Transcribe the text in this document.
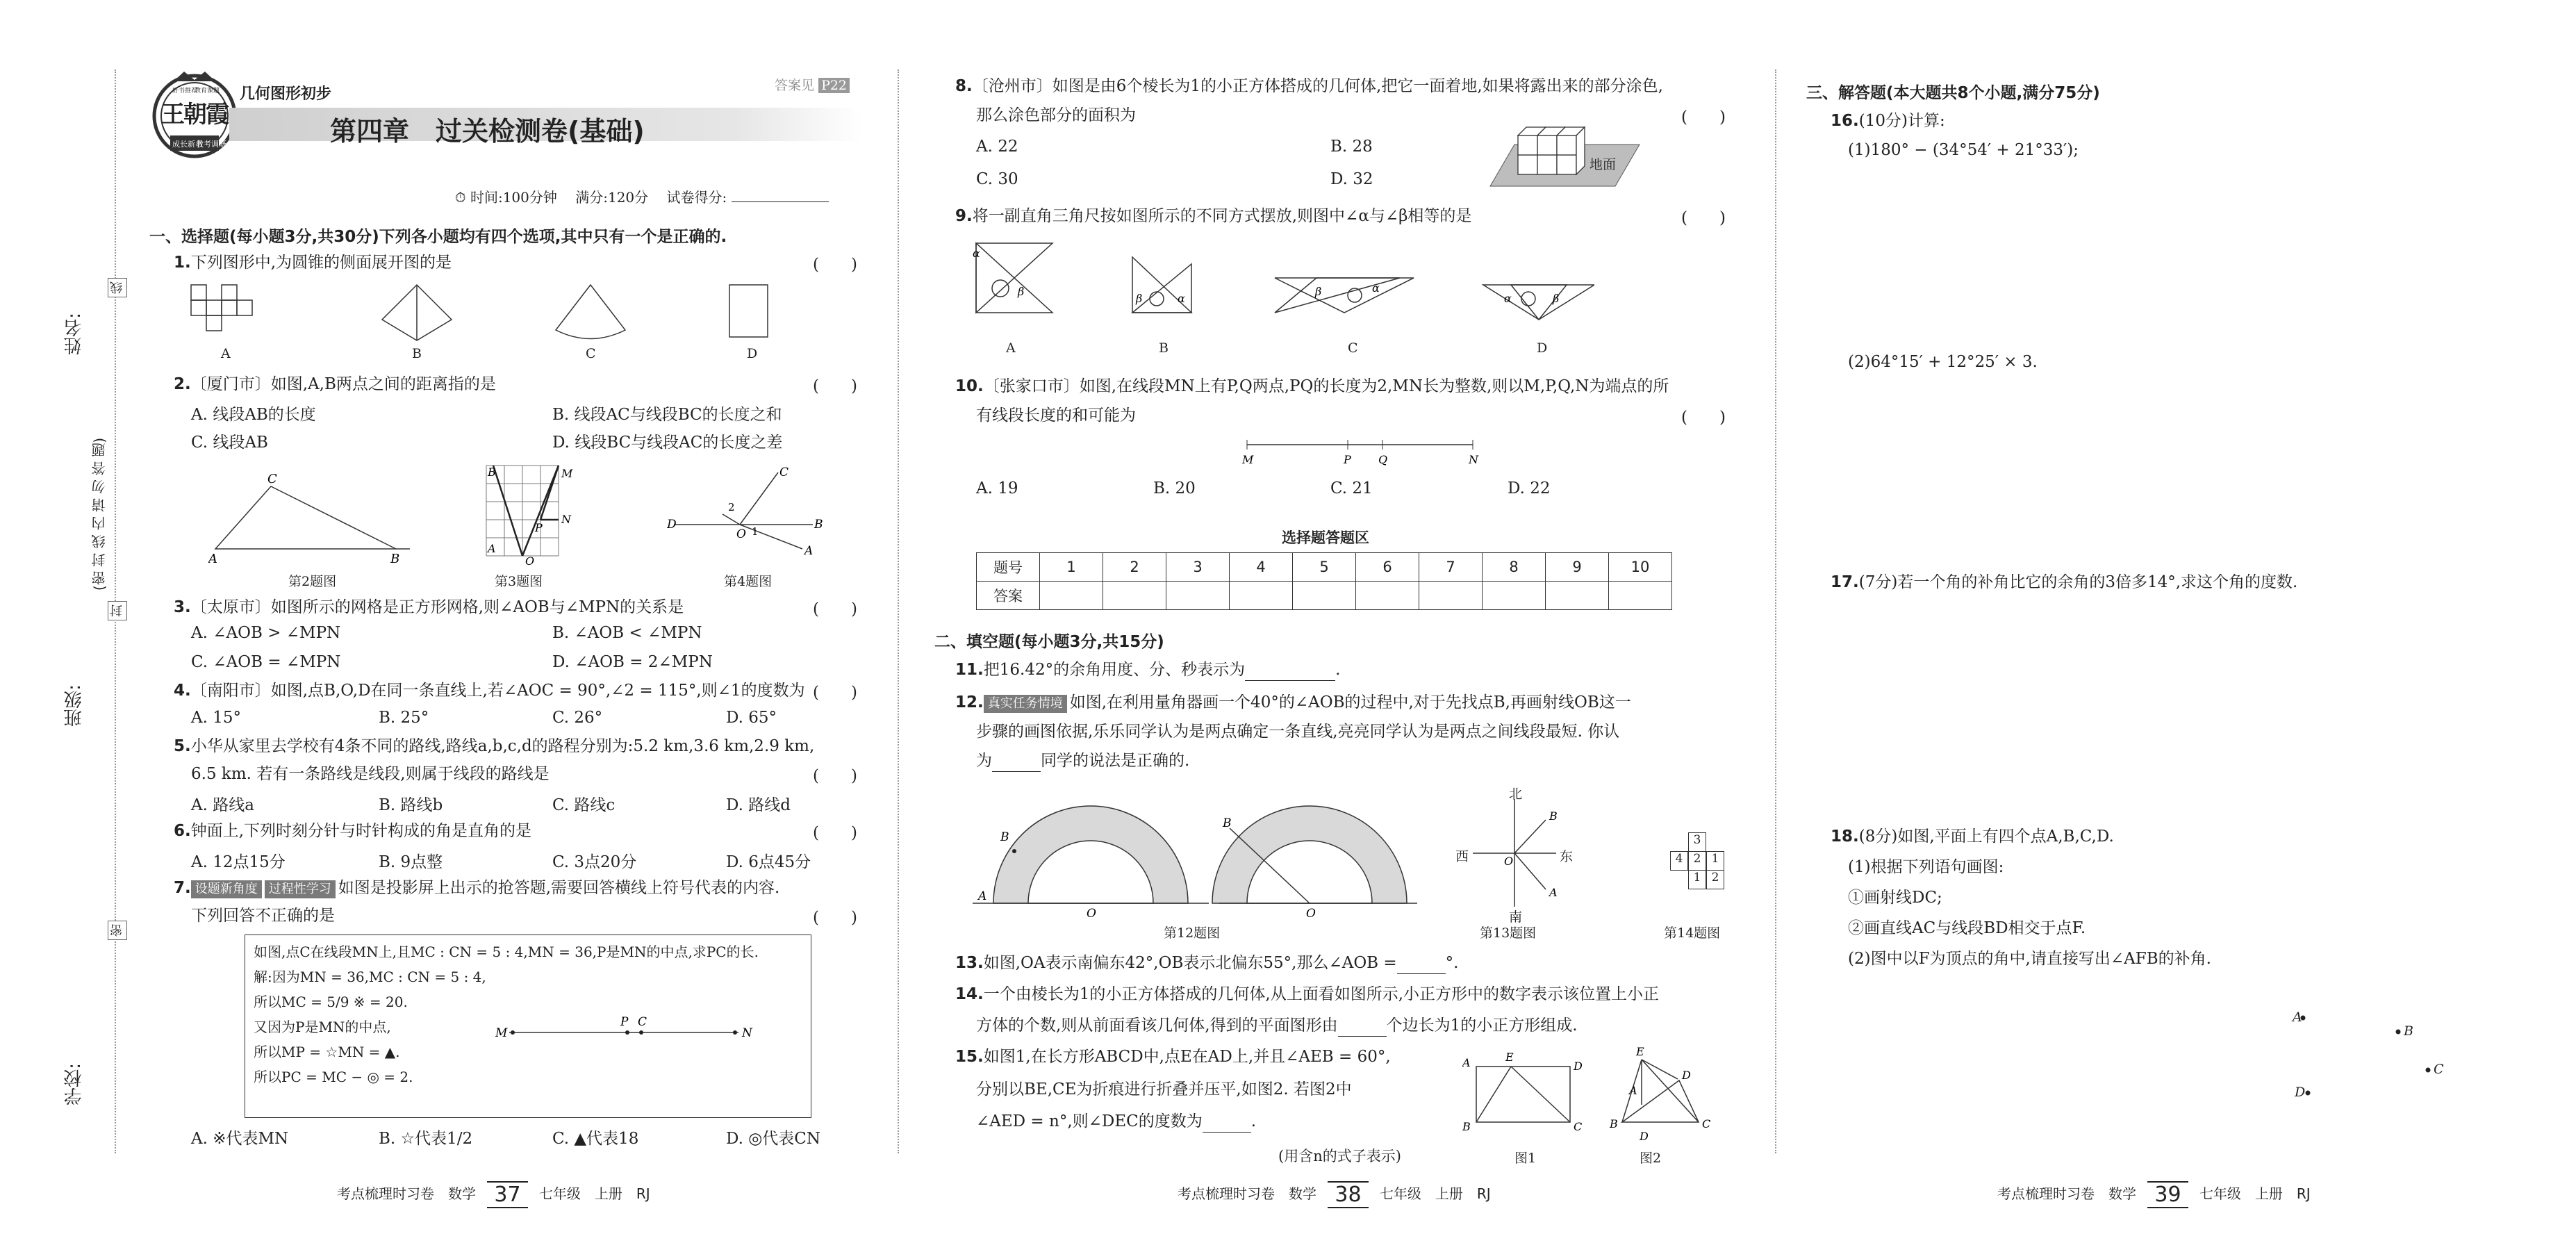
姓名:
班级:
学校:
(密 封 线 内 请 勿 答 题)
线
封
密
王朝霞
好书推荐
教育课题
成长新书
教考调研
几何图形初步	答案见 P22
第四章　过关检测卷(基础)
⏱ 时间:100分钟　 满分:120分　 试卷得分:
一、选择题(每小题3分,共30分)下列各小题均有四个选项,其中只有一个是正确的.
1.下列图形中,为圆锥的侧面展开图的是	(　　)
A	B	C	D
2.〔厦门市〕如图,A,B两点之间的距离指的是	(　　)
A. 线段AB的长度	B. 线段AC与线段BC的长度之和
C. 线段AB	D. 线段BC与线段AC的长度之差
C
A	B
B	M
N
P
A
O
D
C
B
A
O
2
1
第2题图	第3题图	第4题图
3.〔太原市〕如图所示的网格是正方形网格,则∠AOB与∠MPN的关系是	(　　)
A. ∠AOB > ∠MPN	B. ∠AOB < ∠MPN
C. ∠AOB = ∠MPN	D. ∠AOB = 2∠MPN
4.〔南阳市〕如图,点B,O,D在同一条直线上,若∠AOC = 90°,∠2 = 115°,则∠1的度数为 (　　)
A. 15°	B. 25°	C. 26°	D. 65°
5.小华从家里去学校有4条不同的路线,路线a,b,c,d的路程分别为:5.2 km,3.6 km,2.9 km,
6.5 km. 若有一条路线是线段,则属于线段的路线是	(　　)
A. 路线a	B. 路线b	C. 路线c	D. 路线d
6.钟面上,下列时刻分针与时针构成的角是直角的是	(　　)
A. 12点15分	B. 9点整	C. 3点20分	D. 6点45分
7. 设题新角度 过程性学习 如图是投影屏上出示的抢答题,需要回答横线上符号代表的内容.
下列回答不正确的是	(　　)
如图,点C在线段MN上,且MC : CN = 5 : 4,MN = 36,P是MN的中点,求PC的长.
解:因为MN = 36,MC : CN = 5 : 4,
所以MC = 5/9 ※ = 20.
又因为P是MN的中点,
所以MP = ☆MN = ▲.
所以PC = MC − ◎ = 2.
M
P C
N
A. ※代表MN	B. ☆代表1/2	C. ▲代表18	D. ◎代表CN
考点梳理时习卷　数学 37 七年级　上册　RJ
8.〔沧州市〕如图是由6个棱长为1的小正方体搭成的几何体,把它一面着地,如果将露出来的部分涂色,
那么涂色部分的面积为	(　　)
A. 22	B. 28
C. 30	D. 32
地面
9.将一副直角三角尺按如图所示的不同方式摆放,则图中∠α与∠β相等的是	(　　)
α
β
β	α
β	α
α	β
A	B	C	D
10.〔张家口市〕如图,在线段MN上有P,Q两点,PQ的长度为2,MN长为整数,则以M,P,Q,N为端点的所
有线段长度的和可能为	(　　)
M	P Q	N
A. 19	B. 20	C. 21	D. 22
选择题答题区
题号	1	2	3	4	5	6	7	8	9	10
答案										
二、填空题(每小题3分,共15分)
11.把16.42°的余角用度、分、秒表示为	.
12. 真实任务情境 如图,在利用量角器画一个40°的∠AOB的过程中,对于先找点B,再画射线OB这一
步骤的画图依据,乐乐同学认为是两点确定一条直线,亮亮同学认为是两点之间线段最短. 你认
为	同学的说法是正确的.
B
A
O
B
O
第12题图
B
A
O
北
南
东
西
第13题图
3
4 2 1
1 2
第14题图
13.如图,OA表示南偏东42°,OB表示北偏东55°,那么∠AOB =	°.
14.一个由棱长为1的小正方体搭成的几何体,从上面看如图所示,小正方形中的数字表示该位置上小正
方体的个数,则从前面看该几何体,得到的平面图形由	个边长为1的小正方形组成.
15.如图1,在长方形ABCD中,点E在AD上,并且∠AEB = 60°,
分别以BE,CE为折痕进行折叠并压平,如图2. 若图2中
∠AED = n°,则∠DEC的度数为	.
(用含n的式子表示)
A	E
D
B	C
E
D
A
B	C
D
图1	图2
考点梳理时习卷　数学 38 七年级　上册　RJ
三、解答题(本大题共8个小题,满分75分)
16.(10分)计算:
(1)180° − (34°54′ + 21°33′);
(2)64°15′ + 12°25′ × 3.
17.(7分)若一个角的补角比它的余角的3倍多14°,求这个角的度数.
18.(8分)如图,平面上有四个点A,B,C,D.
(1)根据下列语句画图:
①画射线DC;
②画直线AC与线段BD相交于点F.
(2)图中以F为顶点的角中,请直接写出∠AFB的补角.
A
B
C
D
考点梳理时习卷　数学 39 七年级　上册　RJ
